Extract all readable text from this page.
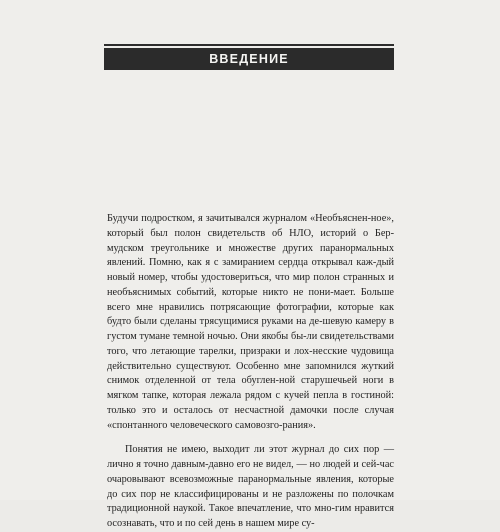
ВВЕДЕНИЕ

Будучи подростком, я зачитывался журналом «Необъяснен-ное», который был полон свидетельств об НЛО, историй о Бер-мудском треугольнике и множестве других паранормальных явлений. Помню, как я с замиранием сердца открывал каж-дый новый номер, чтобы удостовериться, что мир полон странных и необъяснимых событий, которые никто не пони-мает. Больше всего мне нравились потрясающие фотографии, которые как будто были сделаны трясущимися руками на де-шевую камеру в густом тумане темной ночью. Они якобы бы-ли свидетельствами того, что летающие тарелки, призраки и лох-несские чудовища действительно существуют. Особенно мне запомнился жуткий снимок отделенной от тела обуглен-ной старушечьей ноги в мягком тапке, которая лежала рядом с кучей пепла в гостиной: только это и осталось от несчастной дамочки после случая «спонтанного человеческого самовозго-рания».

Понятия не имею, выходит ли этот журнал до сих пор — лично я точно давным-давно его не видел, — но людей и сей-час очаровывают всевозможные паранормальные явления, которые до сих пор не классифицированы и не разложены по полочкам традиционной наукой. Такое впечатление, что мно-гим нравится осознавать, что и по сей день в нашем мире су-
